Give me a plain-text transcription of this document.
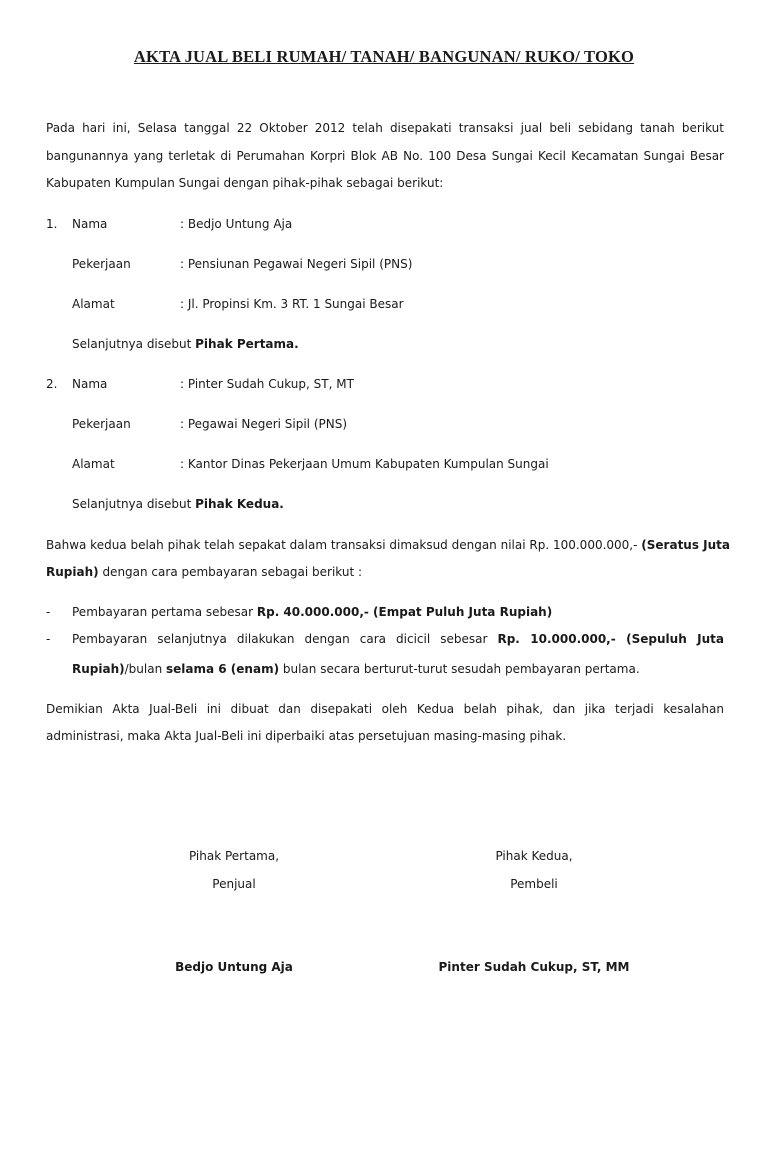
AKTA JUAL BELI RUMAH/ TANAH/ BANGUNAN/ RUKO/ TOKO
Pada hari ini, Selasa tanggal 22 Oktober 2012 telah disepakati transaksi jual beli sebidang tanah berikut
bangunannya yang terletak di Perumahan Korpri Blok AB No. 100 Desa Sungai Kecil Kecamatan Sungai Besar
Kabupaten Kumpulan Sungai dengan pihak-pihak sebagai berikut:
1. Nama	: Bedjo Untung Aja
Pekerjaan	: Pensiunan Pegawai Negeri Sipil (PNS)
Alamat	: Jl. Propinsi Km. 3 RT. 1 Sungai Besar
Selanjutnya disebut Pihak Pertama.
2. Nama	: Pinter Sudah Cukup, ST, MT
Pekerjaan	: Pegawai Negeri Sipil (PNS)
Alamat	: Kantor Dinas Pekerjaan Umum Kabupaten Kumpulan Sungai
Selanjutnya disebut Pihak Kedua.
Bahwa kedua belah pihak telah sepakat dalam transaksi dimaksud dengan nilai Rp. 100.000.000,- (Seratus Juta
Rupiah) dengan cara pembayaran sebagai berikut :
- Pembayaran pertama sebesar Rp. 40.000.000,- (Empat Puluh Juta Rupiah)
- Pembayaran selanjutnya dilakukan dengan cara dicicil sebesar Rp. 10.000.000,- (Sepuluh Juta
Rupiah)/bulan selama 6 (enam) bulan secara berturut-turut sesudah pembayaran pertama.
Demikian Akta Jual-Beli ini dibuat dan disepakati oleh Kedua belah pihak, dan jika terjadi kesalahan
administrasi, maka Akta Jual-Beli ini diperbaiki atas persetujuan masing-masing pihak.
Pihak Pertama,
Penjual
Bedjo Untung Aja
Pihak Kedua,
Pembeli
Pinter Sudah Cukup, ST, MM
